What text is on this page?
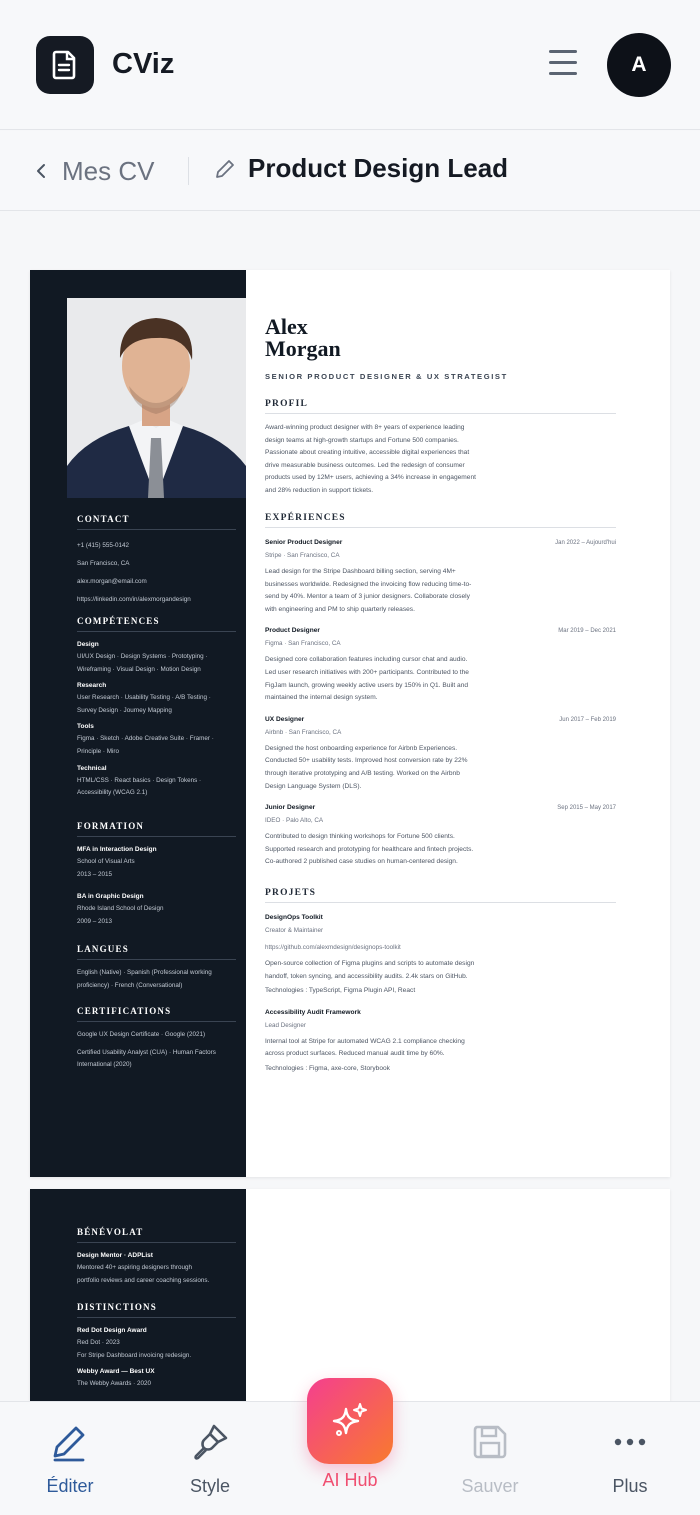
CViz	A
Mes CV	Product Design Lead
CONTACT
+1 (415) 555-0142
San Francisco, CA
alex.morgan@email.com
https://linkedin.com/in/alexmorgandesign
COMPÉTENCES
Design
UI/UX Design · Design Systems · Prototyping ·
Wireframing · Visual Design · Motion Design
Research
User Research · Usability Testing · A/B Testing ·
Survey Design · Journey Mapping
Tools
Figma · Sketch · Adobe Creative Suite · Framer ·
Principle · Miro
Technical
HTML/CSS · React basics · Design Tokens ·
Accessibility (WCAG 2.1)
FORMATION
MFA in Interaction Design
School of Visual Arts
2013 – 2015
BA in Graphic Design
Rhode Island School of Design
2009 – 2013
LANGUES
English (Native) · Spanish (Professional working
proficiency) · French (Conversational)
CERTIFICATIONS
Google UX Design Certificate · Google (2021)
Certified Usability Analyst (CUA) · Human Factors
International (2020)
Alex
Morgan
SENIOR PRODUCT DESIGNER & UX STRATEGIST
PROFIL
Award-winning product designer with 8+ years of experience leading
design teams at high-growth startups and Fortune 500 companies.
Passionate about creating intuitive, accessible digital experiences that
drive measurable business outcomes. Led the redesign of consumer
products used by 12M+ users, achieving a 34% increase in engagement
and 28% reduction in support tickets.
EXPÉRIENCES
Senior Product Designer	Jan 2022 – Aujourd'hui
Stripe · San Francisco, CA
Lead design for the Stripe Dashboard billing section, serving 4M+
businesses worldwide. Redesigned the invoicing flow reducing time-to-
send by 40%. Mentor a team of 3 junior designers. Collaborate closely
with engineering and PM to ship quarterly releases.
Product Designer	Mar 2019 – Dec 2021
Figma · San Francisco, CA
Designed core collaboration features including cursor chat and audio.
Led user research initiatives with 200+ participants. Contributed to the
FigJam launch, growing weekly active users by 150% in Q1. Built and
maintained the internal design system.
UX Designer	Jun 2017 – Feb 2019
Airbnb · San Francisco, CA
Designed the host onboarding experience for Airbnb Experiences.
Conducted 50+ usability tests. Improved host conversion rate by 22%
through iterative prototyping and A/B testing. Worked on the Airbnb
Design Language System (DLS).
Junior Designer	Sep 2015 – May 2017
IDEO · Palo Alto, CA
Contributed to design thinking workshops for Fortune 500 clients.
Supported research and prototyping for healthcare and fintech projects.
Co-authored 2 published case studies on human-centered design.
PROJETS
DesignOps Toolkit
Creator & Maintainer
https://github.com/alexmdesign/designops-toolkit
Open-source collection of Figma plugins and scripts to automate design
handoff, token syncing, and accessibility audits. 2.4k stars on GitHub.
Technologies : TypeScript, Figma Plugin API, React
Accessibility Audit Framework
Lead Designer
Internal tool at Stripe for automated WCAG 2.1 compliance checking
across product surfaces. Reduced manual audit time by 60%.
Technologies : Figma, axe-core, Storybook
BÉNÉVOLAT
Design Mentor · ADPList
Mentored 40+ aspiring designers through
portfolio reviews and career coaching sessions.
DISTINCTIONS
Red Dot Design Award
Red Dot · 2023
For Stripe Dashboard invoicing redesign.
Webby Award — Best UX
The Webby Awards · 2020
Éditer	Style	Sauver	Plus
AI Hub
